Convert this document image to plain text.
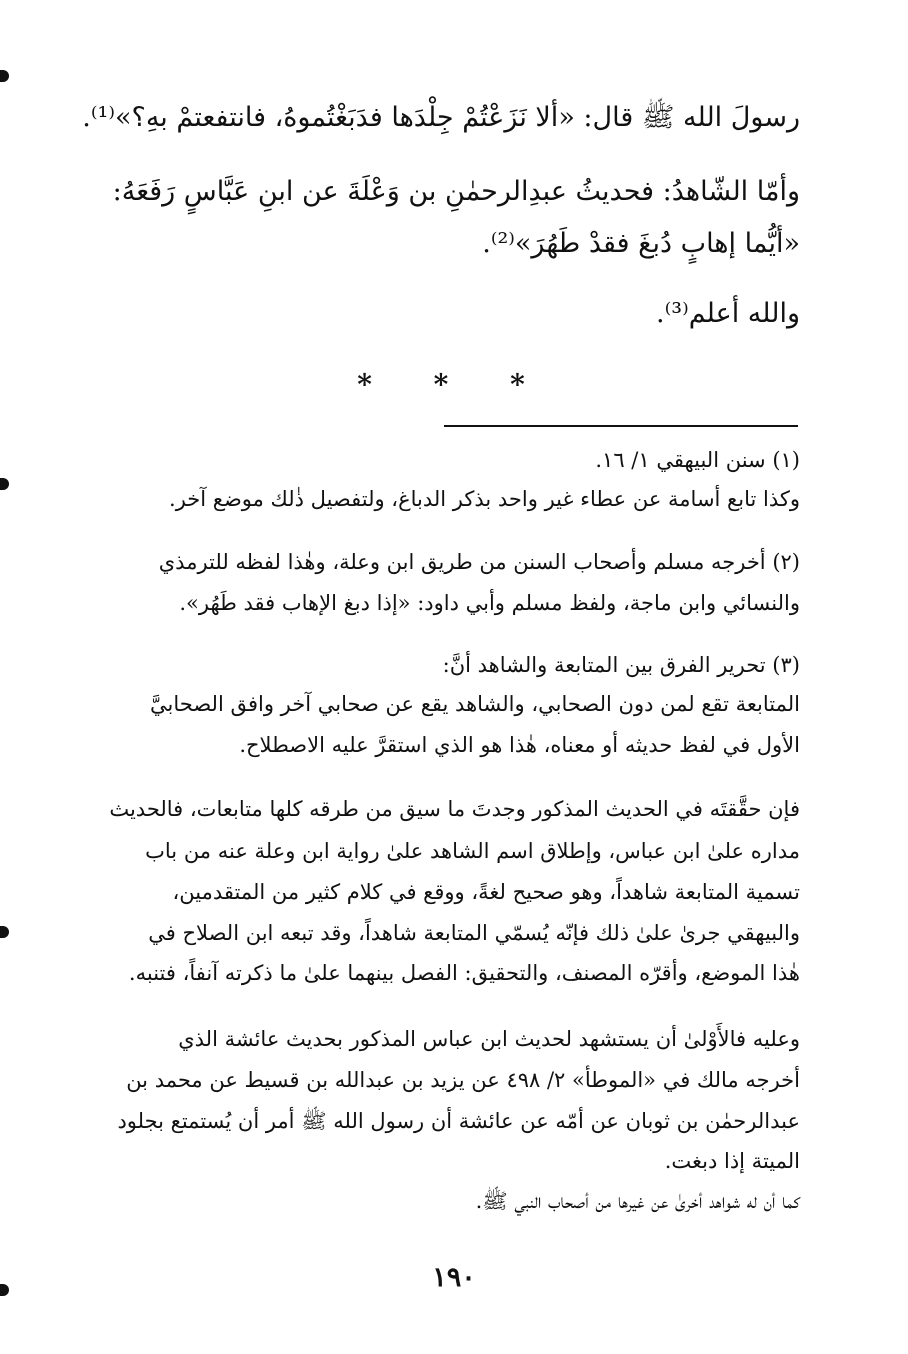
رسولَ الله ﷺ قال: «ألا نَزَعْتُمْ جِلْدَها فدَبَغْتُموهُ، فانتفعتمْ بهِ؟»⁽¹⁾.
وأمّا الشّاهدُ: فحديثُ عبدِالرحمٰنِ بن وَعْلَةَ عن ابنِ عَبَّاسٍ رَفَعَهُ:
«أيُّما إهابٍ دُبغَ فقدْ طَهُرَ»⁽²⁾.
والله أعلم⁽³⁾.
* * *
(١) سنن البيهقي ١/ ١٦.
وكذا تابع أسامة عن عطاء غير واحد بذكر الدباغ، ولتفصيل ذٰلك موضع آخر.
(٢) أخرجه مسلم وأصحاب السنن من طريق ابن وعلة، وهٰذا لفظه للترمذي
والنسائي وابن ماجة، ولفظ مسلم وأبي داود: «إذا دبغ الإهاب فقد طَهُر».
(٣) تحرير الفرق بين المتابعة والشاهد أنَّ:
المتابعة تقع لمن دون الصحابي، والشاهد يقع عن صحابي آخر وافق الصحابيَّ
الأول في لفظ حديثه أو معناه، هٰذا هو الذي استقرَّ عليه الاصطلاح.
فإن حقَّقتَه في الحديث المذكور وجدتَ ما سيق من طرقه كلها متابعات، فالحديث
مداره علىٰ ابن عباس، وإطلاق اسم الشاهد علىٰ رواية ابن وعلة عنه من باب
تسمية المتابعة شاهداً، وهو صحيح لغةً، ووقع في كلام كثير من المتقدمين،
والبيهقي جرىٰ علىٰ ذلك فإنّه يُسمّي المتابعة شاهداً، وقد تبعه ابن الصلاح في
هٰذا الموضع، وأقرّه المصنف، والتحقيق: الفصل بينهما علىٰ ما ذكرته آنفاً، فتنبه.
وعليه فالأَوْلىٰ أن يستشهد لحديث ابن عباس المذكور بحديث عائشة الذي
أخرجه مالك في «الموطأ» ٢/ ٤٩٨ عن يزيد بن عبدالله بن قسيط عن محمد بن
عبدالرحمٰن بن ثوبان عن أمّه عن عائشة أن رسول الله ﷺ أمر أن يُستمتع بجلود
الميتة إذا دبغت.
كما أن له شواهد أخرىٰ عن غيرها من أصحاب النبي ﷺ.
١٩٠
